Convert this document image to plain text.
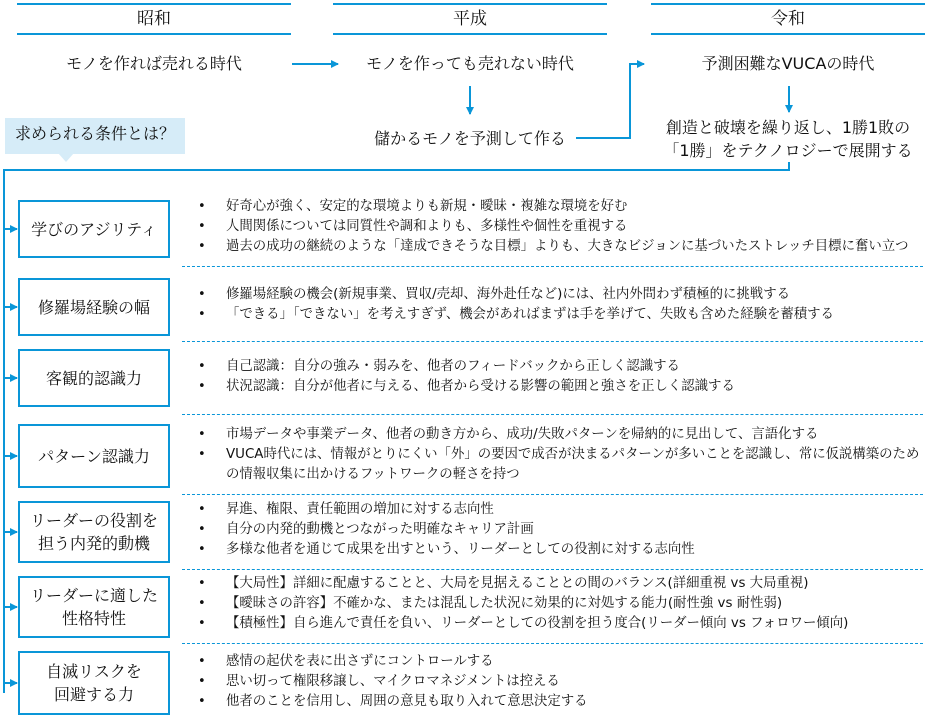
昭和	平成	令和
モノを作れば売れる時代	モノを作っても売れない時代
儲かるモノを予測して作る
予測困難なVUCAの時代
創造と破壊を繰り返し、1勝1敗の
「1勝」をテクノロジーで展開する
求められる条件とは？
学びのアジリティ
• 好奇心が強く、安定的な環境よりも新規・曖昧・複雑な環境を好む
• 人間関係については同質性や調和よりも、多様性や個性を重視する
• 過去の成功の継続のような「達成できそうな目標」よりも、大きなビジョンに基づいたストレッチ目標に奮い立つ
修羅場経験の幅
• 修羅場経験の機会(新規事業、買収/売却、海外赴任など)には、社内外問わず積極的に挑戦する
• 「できる」「できない」を考えすぎず、機会があればまずは手を挙げて、失敗も含めた経験を蓄積する
客観的認識力
• 自己認識：自分の強み・弱みを、他者のフィードバックから正しく認識する
• 状況認識：自分が他者に与える、他者から受ける影響の範囲と強さを正しく認識する
パターン認識力
• 市場データや事業データ、他者の動き方から、成功/失敗パターンを帰納的に見出して、言語化する
• VUCA時代には、情報がとりにくい「外」の要因で成否が決まるパターンが多いことを認識し、常に仮説構築のための情報収集に出かけるフットワークの軽さを持つ
リーダーの役割を
担う内発的動機
• 昇進、権限、責任範囲の増加に対する志向性
• 自分の内発的動機とつながった明確なキャリア計画
• 多様な他者を通じて成果を出すという、リーダーとしての役割に対する志向性
リーダーに適した
性格特性
• 【大局性】詳細に配慮することと、大局を見据えることとの間のバランス(詳細重視 vs 大局重視)
• 【曖昧さの許容】不確かな、または混乱した状況に効果的に対処する能力(耐性強 vs 耐性弱)
• 【積極性】自ら進んで責任を負い、リーダーとしての役割を担う度合(リーダー傾向 vs フォロワー傾向)
自滅リスクを
回避する力
• 感情の起伏を表に出さずにコントロールする
• 思い切って権限移譲し、マイクロマネジメントは控える
• 他者のことを信用し、周囲の意見も取り入れて意思決定する
